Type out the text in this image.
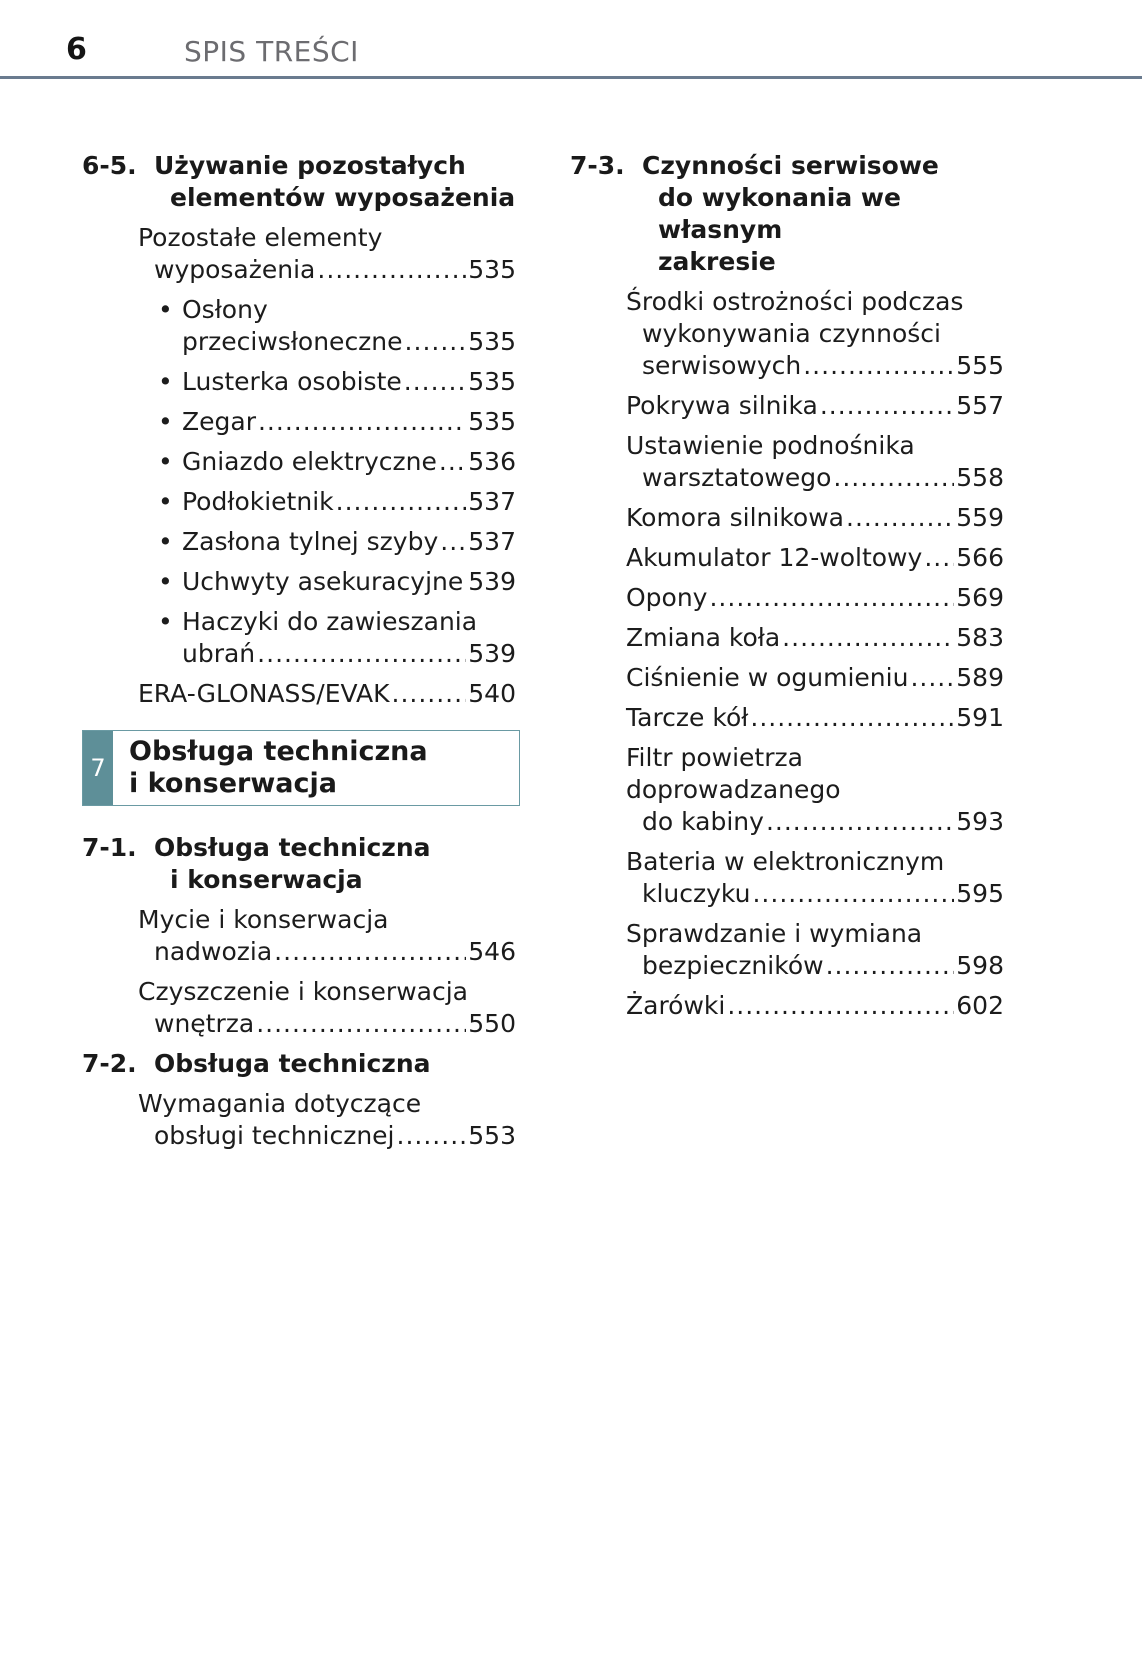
6	SPIS TREŚCI
6-5. Używanie pozostałych
elementów wyposażenia
Pozostałe elementy
wyposażenia .....	535
• Osłony
przeciwsłoneczne .....	535
• Lusterka osobiste .....	535
• Zegar .....	535
• Gniazdo elektryczne ..... 536
• Podłokietnik .....	537
• Zasłona tylnej szyby ..... 537
• Uchwyty asekuracyjne ..... 539
• Haczyki do zawieszania
ubrań .....	539
ERA-GLONASS/EVAK .....	540
7
Obsługa techniczna
i konserwacja
7-1. Obsługa techniczna
i konserwacja
Mycie i konserwacja
nadwozia .....	546
Czyszczenie i konserwacja
wnętrza .....	550
7-2. Obsługa techniczna
Wymagania dotyczące
obsługi technicznej .....	553
7-3. Czynności serwisowe
do wykonania we własnym
zakresie
Środki ostrożności podczas
wykonywania czynności
serwisowych .....	555
Pokrywa silnika .....	557
Ustawienie podnośnika
warsztatowego .....	558
Komora silnikowa .....	559
Akumulator 12-woltowy ..... 566
Opony .....	569
Zmiana koła .....	583
Ciśnienie w ogumieniu ..... 589
Tarcze kół .....	591
Filtr powietrza doprowadzanego
do kabiny .....	593
Bateria w elektronicznym
kluczyku .....	595
Sprawdzanie i wymiana
bezpieczników .....	598
Żarówki .....	602
